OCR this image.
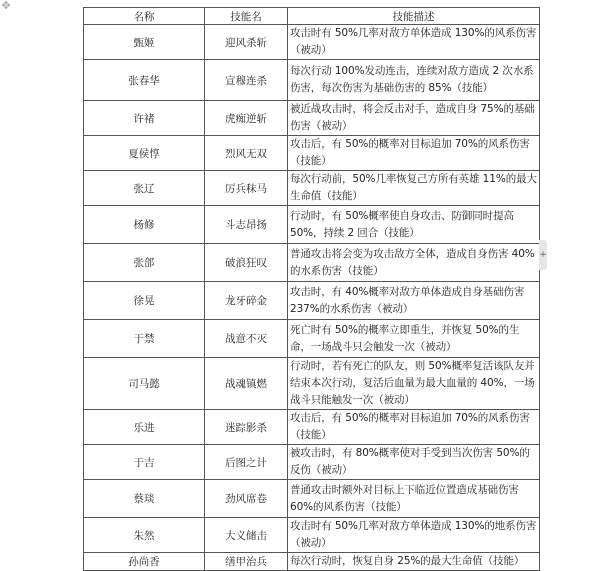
✥
名称	技能名	技能描述
甄姬	迎风杀斩	攻击时有 50%几率对敌方单体造成 130%的风系伤害（被动）
张春华	宣穆连杀	每次行动 100%发动连击，连续对敌方造成 2 次水系伤害，每次伤害为基础伤害的 85%（技能）
许褚	虎痴逆斩	被近战攻击时，将会反击对手，造成自身 75%的基础伤害（被动）
夏侯惇	烈风无双	攻击后，有 50%的概率对目标追加 70%的风系伤害（技能）
张辽	厉兵秣马	每次行动前，50%几率恢复己方所有英雄 11%的最大生命值（技能）
杨修	斗志昂扬	行动时，有 50%概率使自身攻击、防御同时提高 50%，持续 2 回合（技能）
张郃	破浪狂叹	普通攻击将会变为攻击敌方全体，造成自身伤害 40%的水系伤害（技能）
徐晃	龙牙碎金	攻击时，有 40%概率对敌方单体造成自身基础伤害 237%的水系伤害（被动）
于禁	战意不灭	死亡时有 50%的概率立即重生，并恢复 50%的生命，一场战斗只会触发一次（被动）
司马懿	战魂镇燃	行动时，若有死亡的队友，则 50%概率复活该队友并结束本次行动，复活后血量为最大血量的 40%，一场战斗只能触发一次（被动）
乐进	迷踪影杀	攻击后，有 50%的概率对目标追加 70%的风系伤害（技能）
于吉	后图之计	被攻击时，有 80%概率使对手受到当次伤害 50%的反伤（被动）
蔡琰	劲风席卷	普通攻击时额外对目标上下临近位置造成基础伤害 60%的风系伤害（技能）
朱然	大义储击	攻击时有 50%几率对敌方单体造成 130%的地系伤害（被动）
孙尚香	缮甲治兵	每次行动时，恢复自身 25%的最大生命值（技能）
+
